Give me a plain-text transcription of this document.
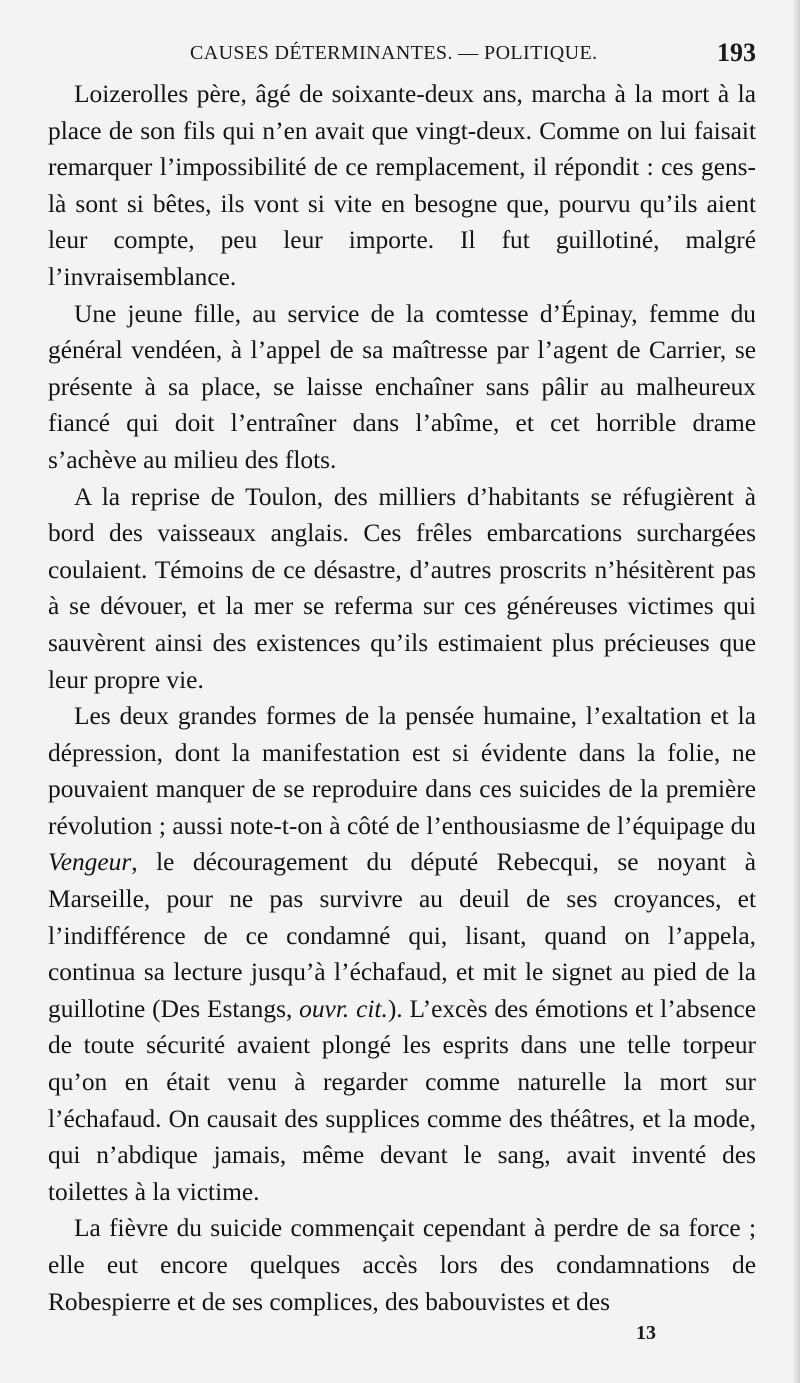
CAUSES DÉTERMINANTES. — POLITIQUE.	193

Loizerolles père, âgé de soixante-deux ans, marcha à la mort à la place de son fils qui n’en avait que vingt-deux. Comme on lui faisait remarquer l’impossibilité de ce remplacement, il répondit : ces gens-là sont si bêtes, ils vont si vite en besogne que, pourvu qu’ils aient leur compte, peu leur importe. Il fut guillotiné, malgré l’invraisemblance.

Une jeune fille, au service de la comtesse d’Épinay, femme du général vendéen, à l’appel de sa maîtresse par l’agent de Carrier, se présente à sa place, se laisse enchaîner sans pâlir au malheureux fiancé qui doit l’entraîner dans l’abîme, et cet horrible drame s’achève au milieu des flots.

A la reprise de Toulon, des milliers d’habitants se réfugièrent à bord des vaisseaux anglais. Ces frêles embarcations surchargées coulaient. Témoins de ce désastre, d’autres proscrits n’hésitèrent pas à se dévouer, et la mer se referma sur ces généreuses victimes qui sauvèrent ainsi des existences qu’ils estimaient plus précieuses que leur propre vie.

Les deux grandes formes de la pensée humaine, l’exaltation et la dépression, dont la manifestation est si évidente dans la folie, ne pouvaient manquer de se reproduire dans ces suicides de la première révolution ; aussi note-t-on à côté de l’enthousiasme de l’équipage du Vengeur, le découragement du député Rebecqui, se noyant à Marseille, pour ne pas survivre au deuil de ses croyances, et l’indifférence de ce condamné qui, lisant, quand on l’appela, continua sa lecture jusqu’à l’échafaud, et mit le signet au pied de la guillotine (Des Estangs, ouvr. cit.). L’excès des émotions et l’absence de toute sécurité avaient plongé les esprits dans une telle torpeur qu’on en était venu à regarder comme naturelle la mort sur l’échafaud. On causait des supplices comme des théâtres, et la mode, qui n’abdique jamais, même devant le sang, avait inventé des toilettes à la victime.

La fièvre du suicide commençait cependant à perdre de sa force ; elle eut encore quelques accès lors des condamnations de Robespierre et de ses complices, des babouvistes et des

13
